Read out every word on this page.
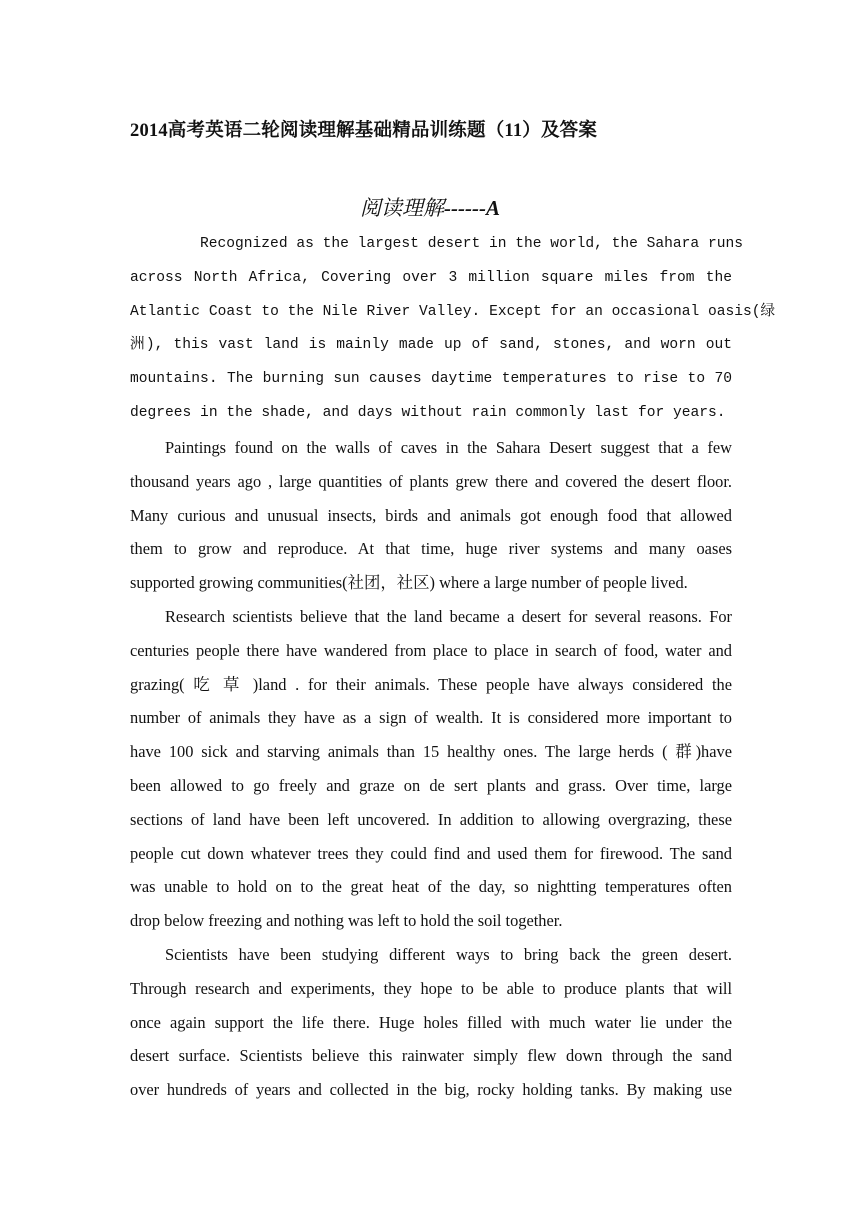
2014高考英语二轮阅读理解基础精品训练题（11）及答案
阅读理解------A
Recognized as the largest desert in the world, the Sahara runs
across North Africa, Covering over 3 million square miles from the
Atlantic Coast to the Nile River Valley. Except for an occasional oasis(绿
洲), this vast land is mainly made up of sand, stones, and worn out
mountains. The burning sun causes daytime temperatures to rise to 70
degrees in the shade, and days without rain commonly last for years.
Paintings found on the walls of caves in the Sahara Desert suggest that a few
thousand years ago , large quantities of plants grew there and covered the desert floor.
Many curious and unusual insects, birds and animals got enough food that allowed
them to grow and reproduce. At that time, huge river systems and many oases
supported growing communities(社团，社区) where a large number of people lived.
Research scientists believe that the land became a desert for several reasons. For
centuries people there have wandered from place to place in search of food, water and
grazing( 吃 草 )land . for their animals. These people have always considered the
number of animals they have as a sign of wealth. It is considered more important to
have 100 sick and starving animals than 15 healthy ones. The large herds ( 群)have
been allowed to go freely and graze on de sert plants and grass. Over time, large
sections of land have been left uncovered. In addition to allowing overgrazing, these
people cut down whatever trees they could find and used them for firewood. The sand
was unable to hold on to the great heat of the day, so nightting temperatures often
drop below freezing and nothing was left to hold the soil together.
Scientists have been studying different ways to bring back the green desert.
Through research and experiments, they hope to be able to produce plants that will
once again support the life there. Huge holes filled with much water lie under the
desert surface. Scientists believe this rainwater simply flew down through the sand
over hundreds of years and collected in the big, rocky holding tanks. By making use
